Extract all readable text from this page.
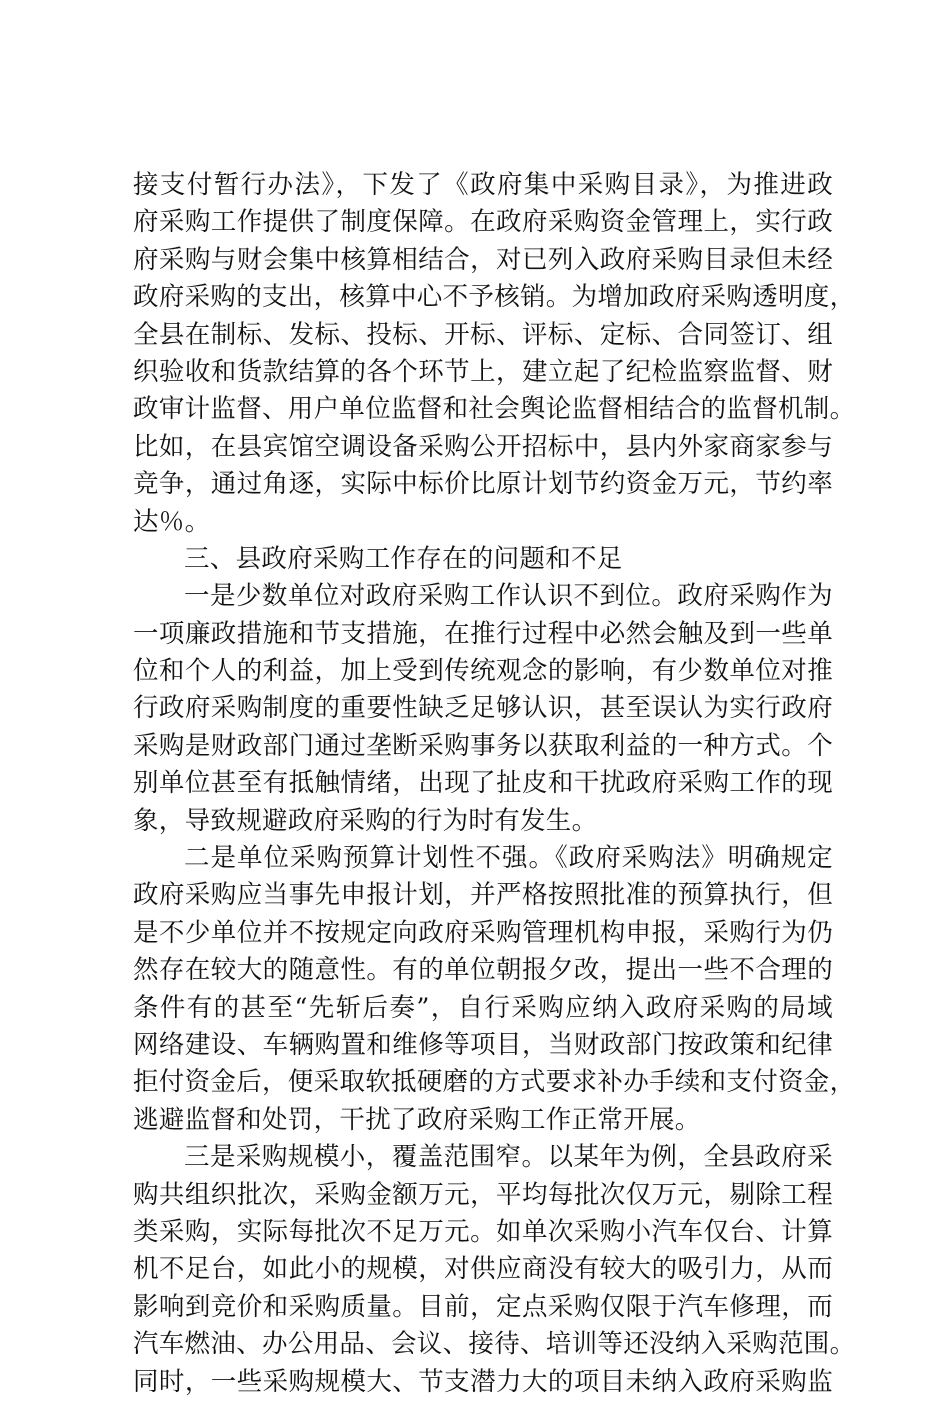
接支付暂行办法》，下发了《政府集中采购目录》，为推进政
府采购工作提供了制度保障。在政府采购资金管理上，实行政
府采购与财会集中核算相结合，对已列入政府采购目录但未经
政府采购的支出，核算中心不予核销。为增加政府采购透明度，
全县在制标、发标、投标、开标、评标、定标、合同签订、组
织验收和货款结算的各个环节上，建立起了纪检监察监督、财
政审计监督、用户单位监督和社会舆论监督相结合的监督机制。
比如，在县宾馆空调设备采购公开招标中，县内外家商家参与
竞争，通过角逐，实际中标价比原计划节约资金万元，节约率
达％。
三、县政府采购工作存在的问题和不足
一是少数单位对政府采购工作认识不到位。政府采购作为
一项廉政措施和节支措施，在推行过程中必然会触及到一些单
位和个人的利益，加上受到传统观念的影响，有少数单位对推
行政府采购制度的重要性缺乏足够认识，甚至误认为实行政府
采购是财政部门通过垄断采购事务以获取利益的一种方式。个
别单位甚至有抵触情绪，出现了扯皮和干扰政府采购工作的现
象，导致规避政府采购的行为时有发生。
二是单位采购预算计划性不强。《政府采购法》明确规定
政府采购应当事先申报计划，并严格按照批准的预算执行，但
是不少单位并不按规定向政府采购管理机构申报，采购行为仍
然存在较大的随意性。有的单位朝报夕改，提出一些不合理的
条件有的甚至“先斩后奏”，自行采购应纳入政府采购的局域
网络建设、车辆购置和维修等项目，当财政部门按政策和纪律
拒付资金后，便采取软抵硬磨的方式要求补办手续和支付资金，
逃避监督和处罚，干扰了政府采购工作正常开展。
三是采购规模小，覆盖范围窄。以某年为例，全县政府采
购共组织批次，采购金额万元，平均每批次仅万元，剔除工程
类采购，实际每批次不足万元。如单次采购小汽车仅台、计算
机不足台，如此小的规模，对供应商没有较大的吸引力，从而
影响到竞价和采购质量。目前，定点采购仅限于汽车修理，而
汽车燃油、办公用品、会议、接待、培训等还没纳入采购范围。
同时，一些采购规模大、节支潜力大的项目未纳入政府采购监
